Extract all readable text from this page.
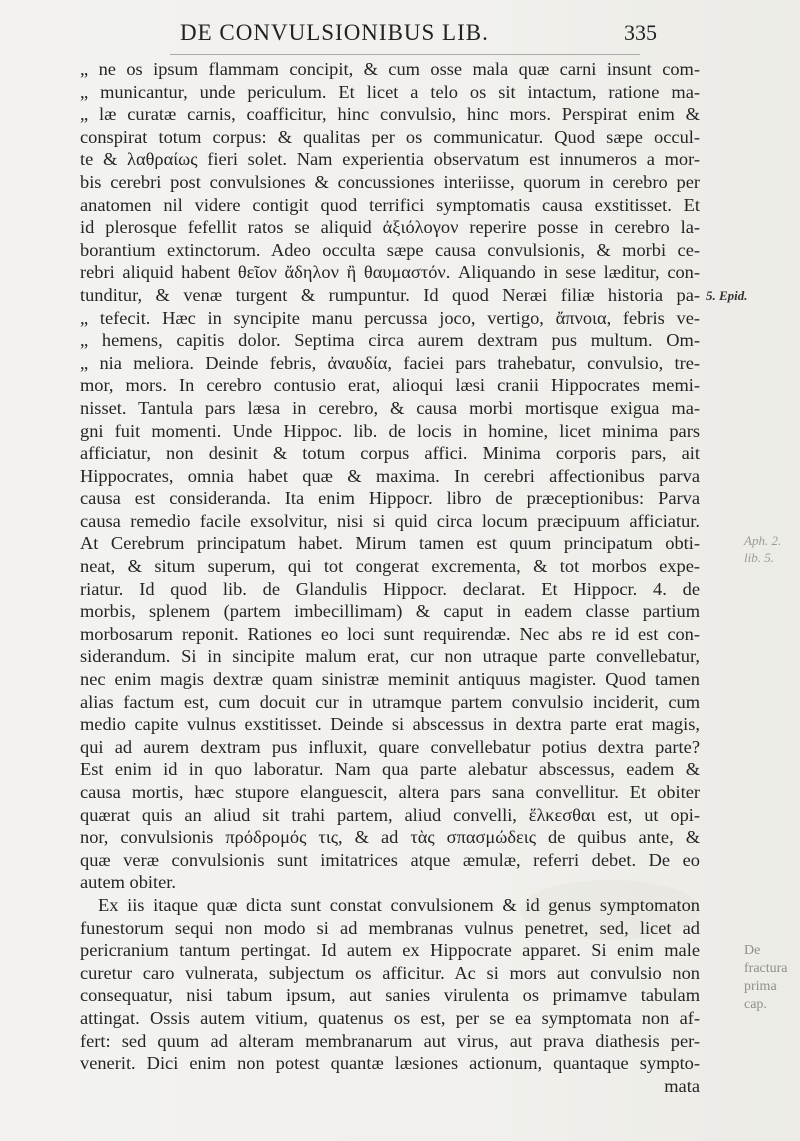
DE CONVULSIONIBUS LIB.	335
„ ne os ipsum flammam concipit, & cum osse mala quæ carni insunt com-
„ municantur, unde periculum. Et licet a telo os sit intactum, ratione ma-
„ læ curatæ carnis, coafficitur, hinc convulsio, hinc mors. Perspirat enim &
conspirat totum corpus: & qualitas per os communicatur. Quod sæpe occul-
te & λαθραίως fieri solet. Nam experientia observatum est innumeros a mor-
bis cerebri post convulsiones & concussiones interiisse, quorum in cerebro per
anatomen nil videre contigit quod terrifici symptomatis causa exstitisset. Et
id plerosque fefellit ratos se aliquid ἀξιόλογον reperire posse in cerebro la-
borantium extinctorum. Adeo occulta sæpe causa convulsionis, & morbi ce-
rebri aliquid habent θεῖον ἄδηλον ἢ θαυμαστόν. Aliquando in sese læditur, con-
tunditur, & venæ turgent & rumpuntur. Id quod Neræi filiæ historia pa-
„ tefecit. Hæc in syncipite manu percussa joco, vertigo, ἄπνοια, febris ve-
„ hemens, capitis dolor. Septima circa aurem dextram pus multum. Om-
„ nia meliora. Deinde febris, ἀναυδία, faciei pars trahebatur, convulsio, tre-
mor, mors. In cerebro contusio erat, alioqui læsi cranii Hippocrates memi-
nisset. Tantula pars læsa in cerebro, & causa morbi mortisque exigua ma-
gni fuit momenti. Unde Hippoc. lib. de locis in homine, licet minima pars
afficiatur, non desinit & totum corpus affici. Minima corporis pars, ait
Hippocrates, omnia habet quæ & maxima. In cerebri affectionibus parva
causa est consideranda. Ita enim Hippocr. libro de præceptionibus: Parva
causa remedio facile exsolvitur, nisi si quid circa locum præcipuum afficiatur.
At Cerebrum principatum habet. Mirum tamen est quum principatum obti-
neat, & situm superum, qui tot congerat excrementa, & tot morbos expe-
riatur. Id quod lib. de Glandulis Hippocr. declarat. Et Hippocr. 4. de
morbis, splenem (partem imbecillimam) & caput in eadem classe partium
morbosarum reponit. Rationes eo loci sunt requirendæ. Nec abs re id est con-
siderandum. Si in sincipite malum erat, cur non utraque parte convellebatur,
nec enim magis dextræ quam sinistræ meminit antiquus magister. Quod tamen
alias factum est, cum docuit cur in utramque partem convulsio inciderit, cum
medio capite vulnus exstitisset. Deinde si abscessus in dextra parte erat magis,
qui ad aurem dextram pus influxit, quare convellebatur potius dextra parte?
Est enim id in quo laboratur. Nam qua parte alebatur abscessus, eadem &
causa mortis, hæc stupore elanguescit, altera pars sana convellitur. Et obiter
quærat quis an aliud sit trahi partem, aliud convelli, ἕλκεσθαι est, ut opi-
nor, convulsionis πρόδρομός τις, & ad τὰς σπασμώδεις de quibus ante, &
quæ veræ convulsionis sunt imitatrices atque æmulæ, referri debet. De eo
autem obiter.
Ex iis itaque quæ dicta sunt constat convulsionem & id genus symptomaton
funestorum sequi non modo si ad membranas vulnus penetret, sed, licet ad
pericranium tantum pertingat. Id autem ex Hippocrate apparet. Si enim male
curetur caro vulnerata, subjectum os afficitur. Ac si mors aut convulsio non
consequatur, nisi tabum ipsum, aut sanies virulenta os primamve tabulam
attingat. Ossis autem vitium, quatenus os est, per se ea symptomata non af-
fert: sed quum ad alteram membranarum aut virus, aut prava diathesis per-
venerit. Dici enim non potest quantæ læsiones actionum, quantaque sympto-
mata
5. Epid.
Aph. 2. lib. 5.
De fractura prima cap.
